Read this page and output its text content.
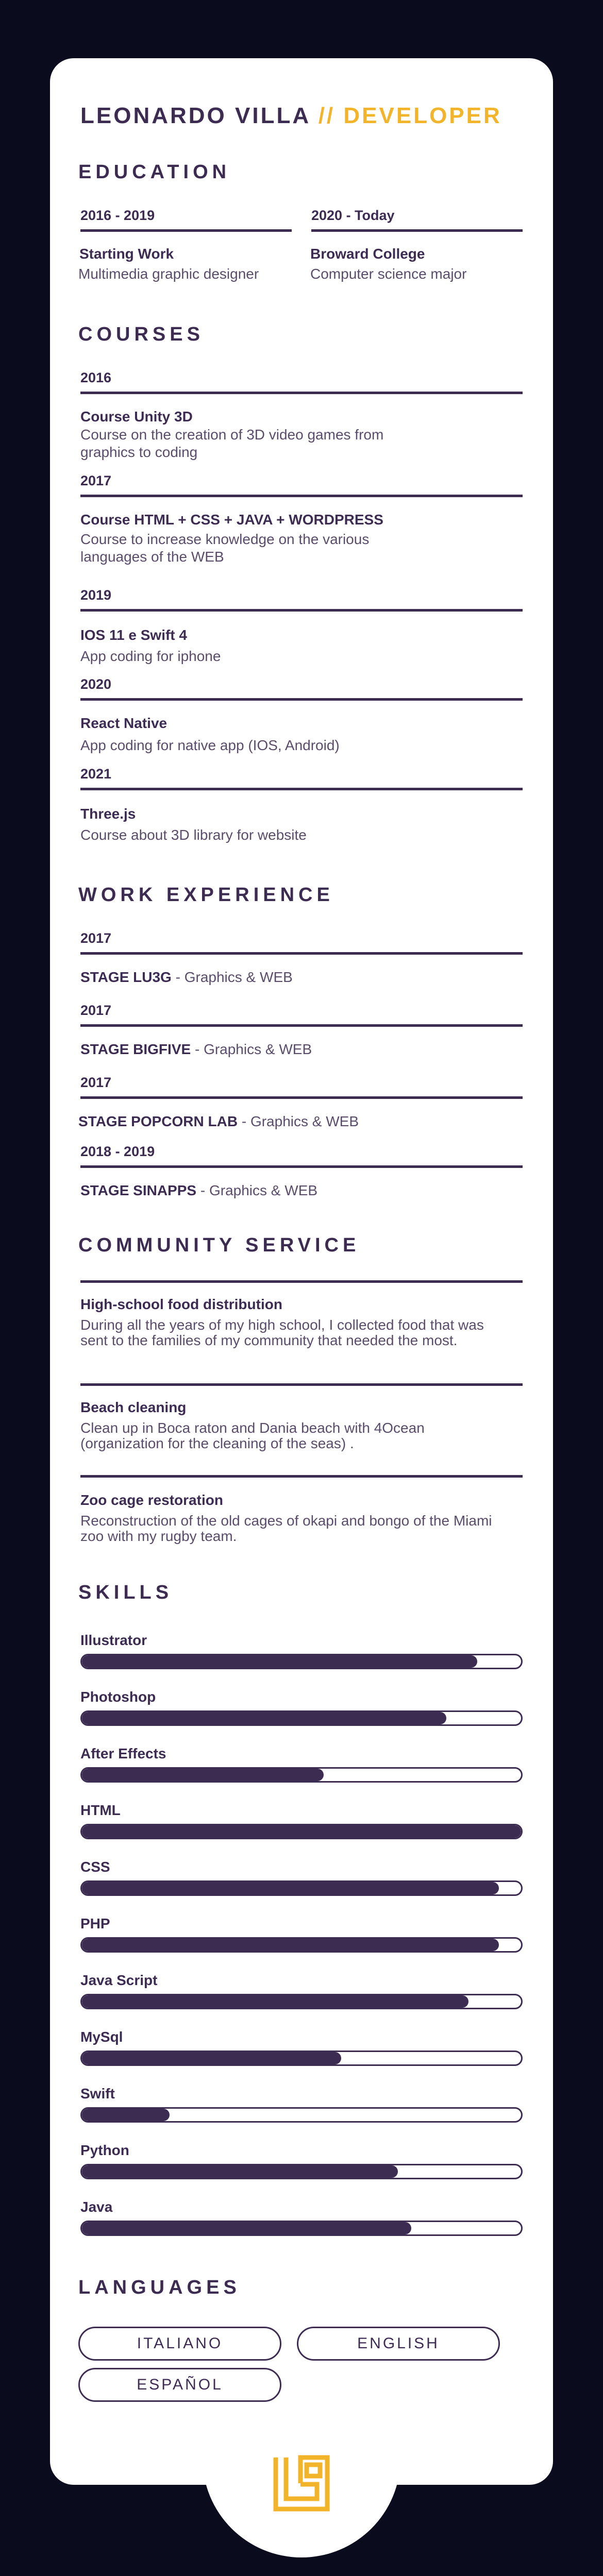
LEONARDO VILLA // DEVELOPER
EDUCATION
2016 - 2019
Starting Work
Multimedia graphic designer
2020 - Today
Broward College
Computer science major
COURSES
2016
Course Unity 3D
Course on the creation of 3D video games from graphics to coding
2017
Course HTML + CSS + JAVA + WORDPRESS
Course to increase knowledge on the various languages of the WEB
2019
IOS 11 e Swift 4
App coding for iphone
2020
React Native
App coding for native app (IOS, Android)
2021
Three.js
Course about 3D library for website
WORK EXPERIENCE
2017
STAGE LU3G - Graphics & WEB
2017
STAGE BIGFIVE - Graphics & WEB
2017
STAGE POPCORN LAB - Graphics & WEB
2018 - 2019
STAGE SINAPPS - Graphics & WEB
COMMUNITY SERVICE
High-school food distribution
During all the years of my high school, I collected food that was sent to the families of my community that needed the most.
Beach cleaning
Clean up in Boca raton and Dania beach with 4Ocean (organization for the cleaning of the seas) .
Zoo cage restoration
Reconstruction of the old cages of okapi and bongo of the Miami zoo with my rugby team.
SKILLS
Illustrator
Photoshop
After Effects
HTML
CSS
PHP
Java Script
MySql
Swift
Python
Java
LANGUAGES
ITALIANO	ENGLISH
ESPAÑOL
